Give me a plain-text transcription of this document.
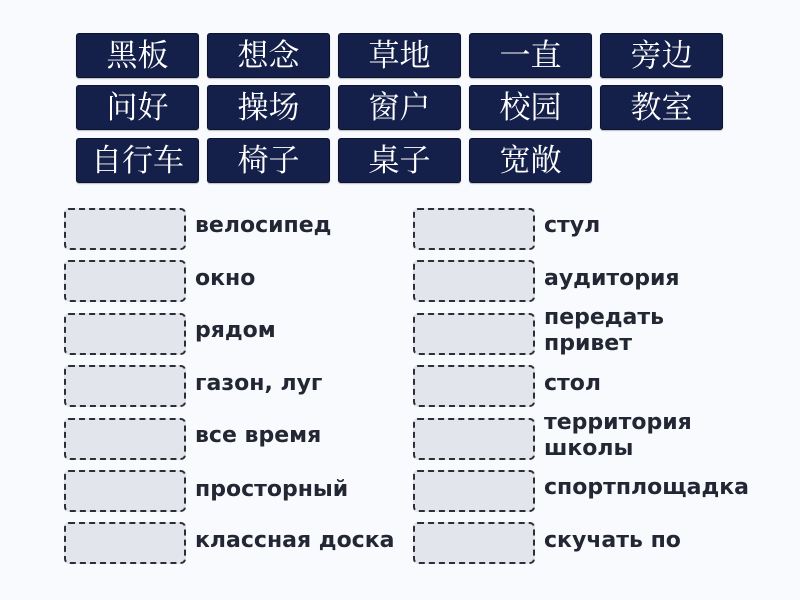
黑板	想念	草地	一直	旁边
问好	操场	窗户	校园	教室
自行车	椅子	桌子	宽敞
велосипед
окно
рядом
газон, луг
все время
просторный
классная доска
стул
аудитория
передать
привет
стол
территория
школы
спортплощадка
скучать по
